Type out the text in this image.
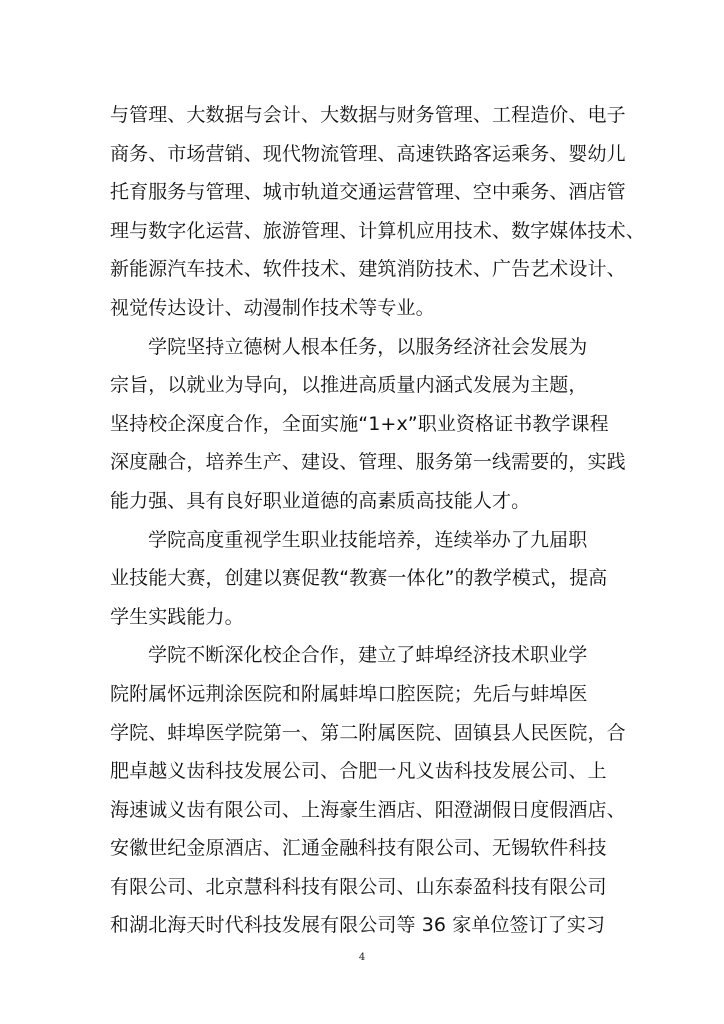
与管理、大数据与会计、大数据与财务管理、工程造价、电子
商务、市场营销、现代物流管理、高速铁路客运乘务、婴幼儿
托育服务与管理、城市轨道交通运营管理、空中乘务、酒店管
理与数字化运营、旅游管理、计算机应用技术、数字媒体技术、
新能源汽车技术、软件技术、建筑消防技术、广告艺术设计、
视觉传达设计、动漫制作技术等专业。
学院坚持立德树人根本任务，以服务经济社会发展为
宗旨，以就业为导向，以推进高质量内涵式发展为主题，
坚持校企深度合作，全面实施“1+x”职业资格证书教学课程
深度融合，培养生产、建设、管理、服务第一线需要的，实践
能力强、具有良好职业道德的高素质高技能人才。
学院高度重视学生职业技能培养，连续举办了九届职
业技能大赛，创建以赛促教“教赛一体化”的教学模式，提高
学生实践能力。
学院不断深化校企合作，建立了蚌埠经济技术职业学
院附属怀远荆涂医院和附属蚌埠口腔医院；先后与蚌埠医
学院、蚌埠医学院第一、第二附属医院、固镇县人民医院，合
肥卓越义齿科技发展公司、合肥一凡义齿科技发展公司、上
海速诚义齿有限公司、上海豪生酒店、阳澄湖假日度假酒店、
安徽世纪金原酒店、汇通金融科技有限公司、无锡软件科技
有限公司、北京慧科科技有限公司、山东泰盈科技有限公司
和湖北海天时代科技发展有限公司等 36 家单位签订了实习
4
